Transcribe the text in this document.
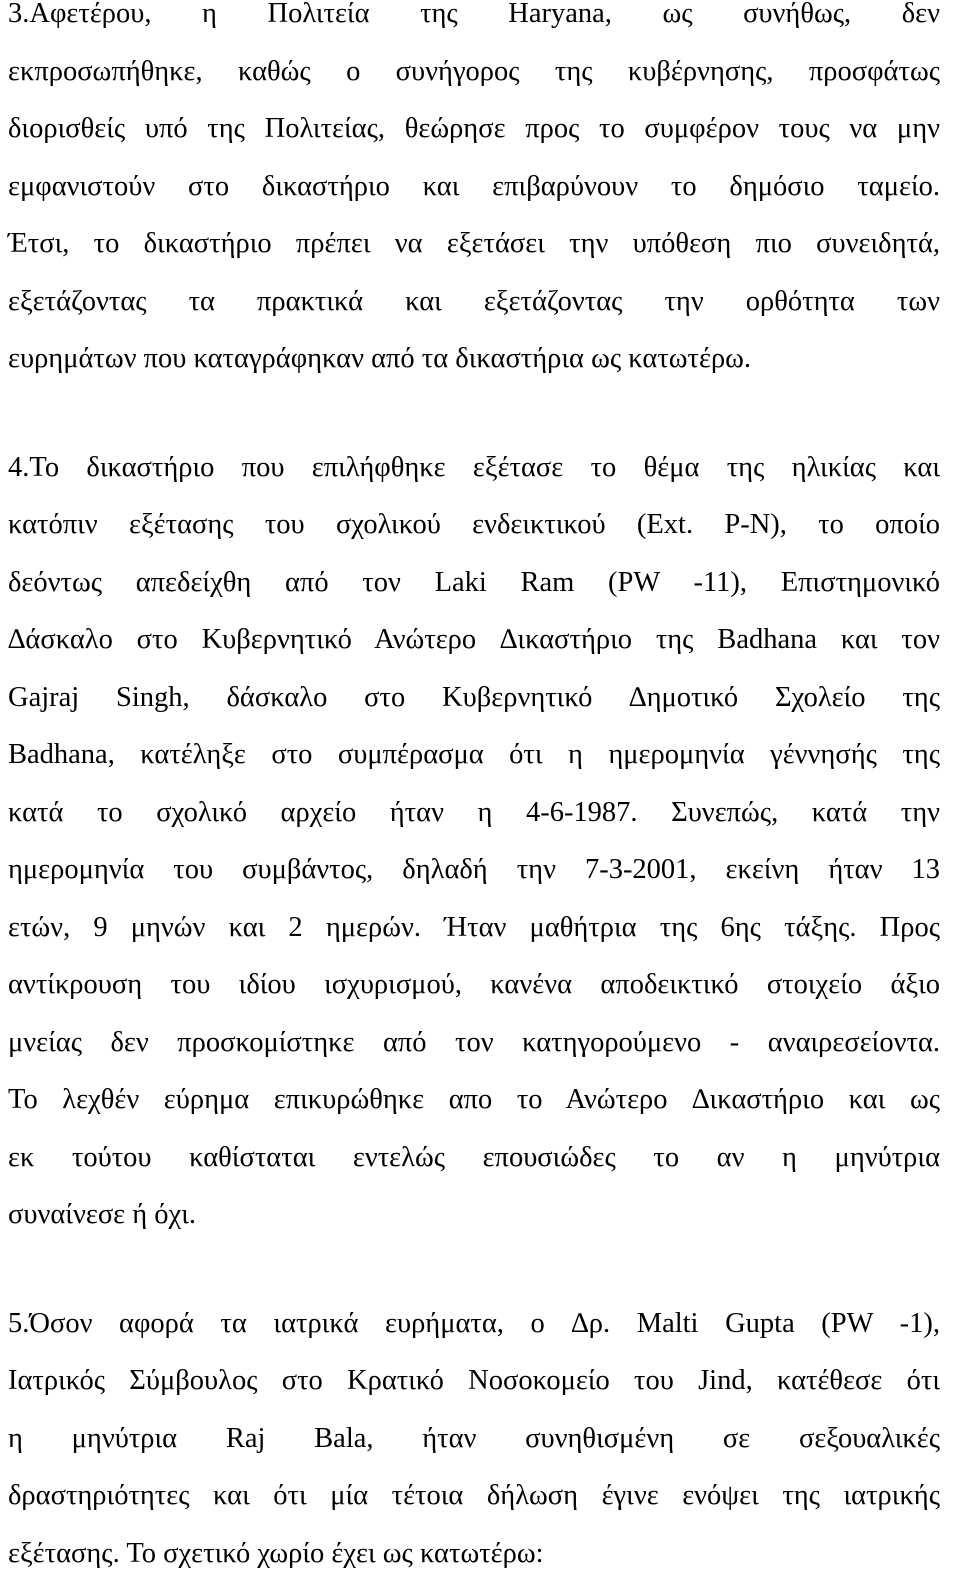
3.Αφετέρου, η Πολιτεία της Haryana, ως συνήθως, δεν
εκπροσωπήθηκε, καθώς ο συνήγορος της κυβέρνησης, προσφάτως
διορισθείς υπό της Πολιτείας, θεώρησε προς το συμφέρον τους να μην
εμφανιστούν στο δικαστήριο και επιβαρύνουν το δημόσιο ταμείο.
Έτσι, το δικαστήριο πρέπει να εξετάσει την υπόθεση πιο συνειδητά,
εξετάζοντας τα πρακτικά και εξετάζοντας την ορθότητα των
ευρημάτων που καταγράφηκαν από τα δικαστήρια ως κατωτέρω.
4.Το δικαστήριο που επιλήφθηκε εξέτασε το θέμα της ηλικίας και
κατόπιν εξέτασης του σχολικού ενδεικτικού (Ext. P-N), το οποίο
δεόντως απεδείχθη από τον Laki Ram (PW -11), Επιστημονικό
∆άσκαλο στο Κυβερνητικό Ανώτερο ∆ικαστήριο της Badhana και τον
Gajraj Singh, δάσκαλο στο Κυβερνητικό ∆ημοτικό Σχολείο της
Badhana, κατέληξε στο συμπέρασμα ότι η ημερομηνία γέννησής της
κατά το σχολικό αρχείο ήταν η 4-6-1987. Συνεπώς, κατά την
ημερομηνία του συμβάντος, δηλαδή την 7-3-2001, εκείνη ήταν 13
ετών, 9 μηνών και 2 ημερών. Ήταν μαθήτρια της 6ης τάξης. Προς
αντίκρουση του ιδίου ισχυρισμού, κανένα αποδεικτικό στοιχείο άξιο
μνείας δεν προσκομίστηκε από τον κατηγορούμενο - αναιρεσείοντα.
Το λεχθέν εύρημα επικυρώθηκε απο το Ανώτερο ∆ικαστήριο και ως
εκ τούτου καθίσταται εντελώς επουσιώδες το αν η μηνύτρια
συναίνεσε ή όχι.
5.Όσον αφορά τα ιατρικά ευρήματα, ο ∆ρ. Malti Gupta (PW -1),
Ιατρικός Σύμβουλος στο Κρατικό Νοσοκομείο του Jind, κατέθεσε ότι
η μηνύτρια Raj Bala, ήταν συνηθισμένη σε σεξουαλικές
δραστηριότητες και ότι μία τέτοια δήλωση έγινε ενόψει της ιατρικής
εξέτασης. Το σχετικό χωρίο έχει ως κατωτέρω:
